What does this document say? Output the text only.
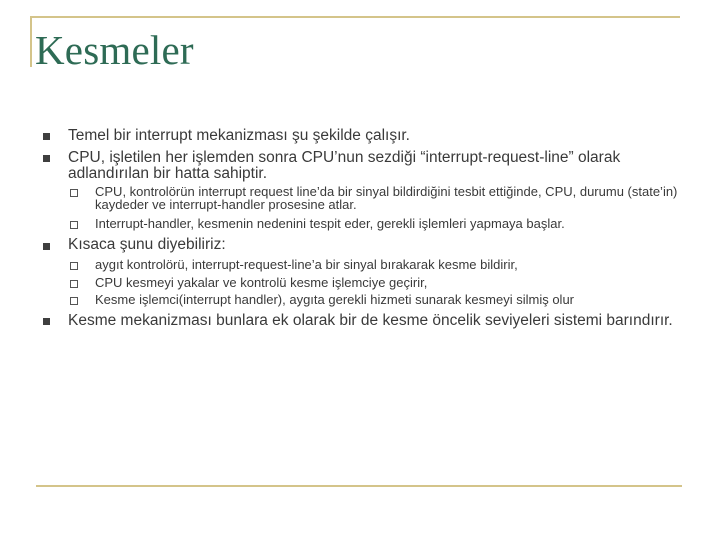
Kesmeler

Temel bir interrupt mekanizması şu şekilde çalışır.

CPU, işletilen her işlemden sonra CPU’nun sezdiği “interrupt-request-line” olarak adlandırılan bir hatta sahiptir.

CPU, kontrolörün interrupt request line’da bir sinyal bildirdiğini tesbit ettiğinde, CPU, durumu (state’in) kaydeder ve interrupt-handler prosesine atlar.

Interrupt-handler, kesmenin nedenini tespit eder, gerekli işlemleri yapmaya başlar.

Kısaca şunu diyebiliriz:

aygıt kontrolörü, interrupt-request-line’a bir sinyal bırakarak kesme bildirir,

CPU kesmeyi yakalar ve kontrolü kesme işlemciye geçirir,

Kesme işlemci(interrupt handler), aygıta gerekli hizmeti sunarak kesmeyi silmiş olur

Kesme mekanizması bunlara ek olarak bir de kesme öncelik seviyeleri sistemi barındırır.
